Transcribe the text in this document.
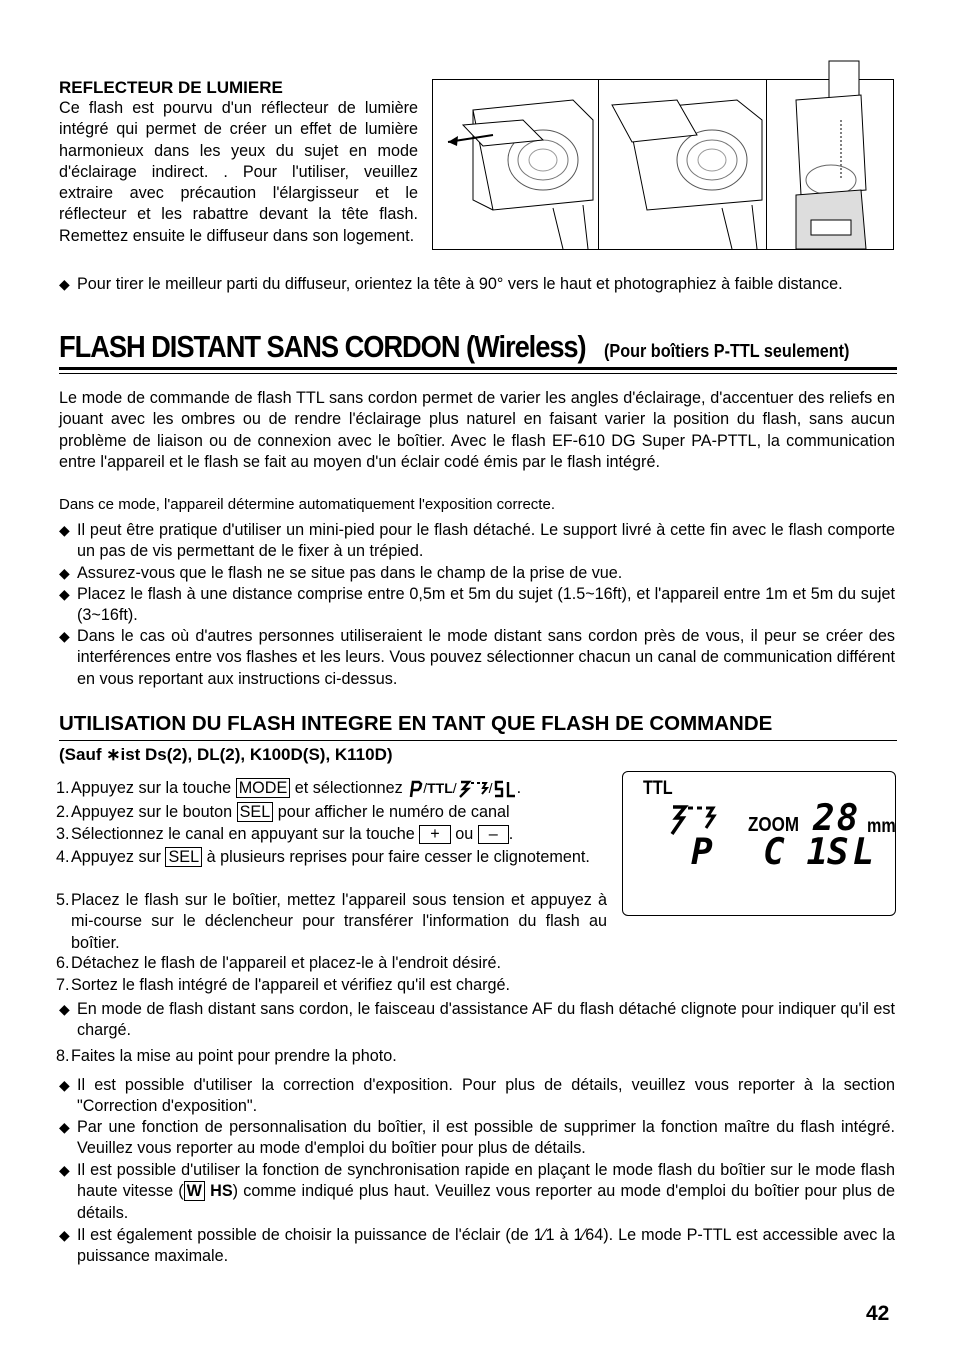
REFLECTEUR DE LUMIERE
Ce flash est pourvu d'un réflecteur de lumière intégré qui permet de créer un effet de lumière harmonieux dans les yeux du sujet en mode d'éclairage indirect. . Pour l'utiliser, veuillez extraire avec précaution l'élargisseur et le réflecteur et les rabattre devant la tête flash. Remettez ensuite le diffuseur dans son logement.
◆ Pour tirer le meilleur parti du diffuseur, orientez la tête à 90° vers le haut et photographiez à faible distance.
FLASH DISTANT SANS CORDON (Wireless) (Pour boîtiers P-TTL seulement)
Le mode de commande de flash TTL sans cordon permet de varier les angles d'éclairage, d'accentuer des reliefs en jouant avec les ombres ou de rendre l'éclairage plus naturel en faisant varier la position du flash, sans aucun problème de liaison ou de connexion avec le boîtier. Avec le flash EF-610 DG Super PA-PTTL, la communication entre l'appareil et le flash se fait au moyen d'un éclair codé émis par le flash intégré.
Dans ce mode, l'appareil détermine automatiquement l'exposition correcte.
◆ Il peut être pratique d'utiliser un mini-pied pour le flash détaché. Le support livré à cette fin avec le flash comporte un pas de vis permettant de le fixer à un trépied.
◆ Assurez-vous que le flash ne se situe pas dans le champ de la prise de vue.
◆ Placez le flash à une distance comprise entre 0,5m et 5m du sujet (1.5~16ft), et l'appareil entre 1m et 5m du sujet (3~16ft).
◆ Dans le cas où d'autres personnes utiliseraient le mode distant sans cordon près de vous, il peur se créer des interférences entre vos flashes et les leurs. Vous pouvez sélectionner chacun un canal de communication différent en vous reportant aux instructions ci-dessus.
UTILISATION DU FLASH INTEGRE EN TANT QUE FLASH DE COMMANDE
(Sauf ∗ist Ds(2), DL(2), K100D(S), K110D)
1. Appuyez sur la touche MODE et sélectionnez / TTL / / .
2. Appuyez sur le bouton SEL pour afficher le numéro de canal
3. Sélectionnez le canal en appuyant sur la touche + ou – .
4. Appuyez sur SEL à plusieurs reprises pour faire cesser le clignotement.
5. Placez le flash sur le boîtier, mettez l'appareil sous tension et appuyez à mi-course sur le déclencheur pour transférer l'information du flash au boîtier.
6. Détachez le flash de l'appareil et placez-le à l'endroit désiré.
7. Sortez le flash intégré de l'appareil et vérifiez qu'il est chargé.
TTL
ZOOM 28 mm
P C 1
SL
◆ En mode de flash distant sans cordon, le faisceau d'assistance AF du flash détaché clignote pour indiquer qu'il est chargé.
8. Faites la mise au point pour prendre la photo.
◆ Il est possible d'utiliser la correction d'exposition. Pour plus de détails, veuillez vous reporter à la section "Correction d'exposition".
◆ Par une fonction de personnalisation du boîtier, il est possible de supprimer la fonction maître du flash intégré. Veuillez vous reporter au mode d'emploi du boîtier pour plus de détails.
◆ Il est possible d'utiliser la fonction de synchronisation rapide en plaçant le mode flash du boîtier sur le mode flash haute vitesse ( W HS) comme indiqué plus haut. Veuillez vous reporter au mode d'emploi du boîtier pour plus de détails.
◆ Il est également possible de choisir la puissance de l'éclair (de 1⁄1 à 1⁄64). Le mode P-TTL est accessible avec la puissance maximale.
42
